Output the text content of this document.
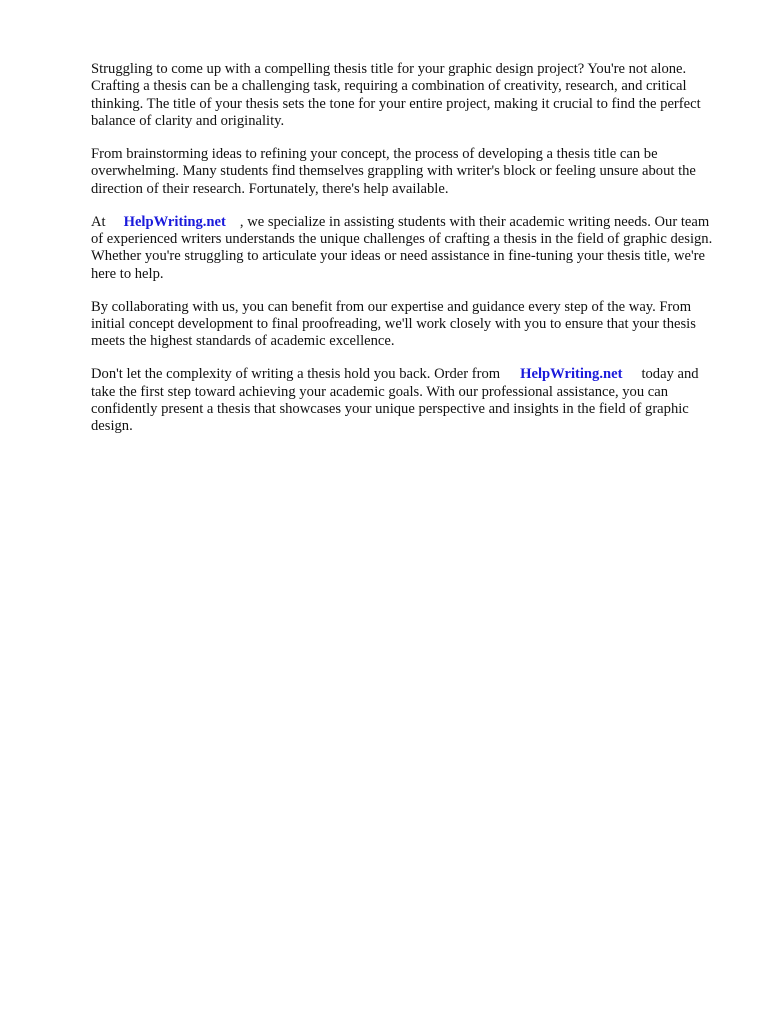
Struggling to come up with a compelling thesis title for your graphic design project? You're not alone. Crafting a thesis can be a challenging task, requiring a combination of creativity, research, and critical thinking. The title of your thesis sets the tone for your entire project, making it crucial to find the perfect balance of clarity and originality.

From brainstorming ideas to refining your concept, the process of developing a thesis title can be overwhelming. Many students find themselves grappling with writer's block or feeling unsure about the direction of their research. Fortunately, there's help available.

At HelpWriting.net , we specialize in assisting students with their academic writing needs. Our team of experienced writers understands the unique challenges of crafting a thesis in the field of graphic design. Whether you're struggling to articulate your ideas or need assistance in fine-tuning your thesis title, we're here to help.

By collaborating with us, you can benefit from our expertise and guidance every step of the way. From initial concept development to final proofreading, we'll work closely with you to ensure that your thesis meets the highest standards of academic excellence.

Don't let the complexity of writing a thesis hold you back. Order from HelpWriting.net today and take the first step toward achieving your academic goals. With our professional assistance, you can confidently present a thesis that showcases your unique perspective and insights in the field of graphic design.
